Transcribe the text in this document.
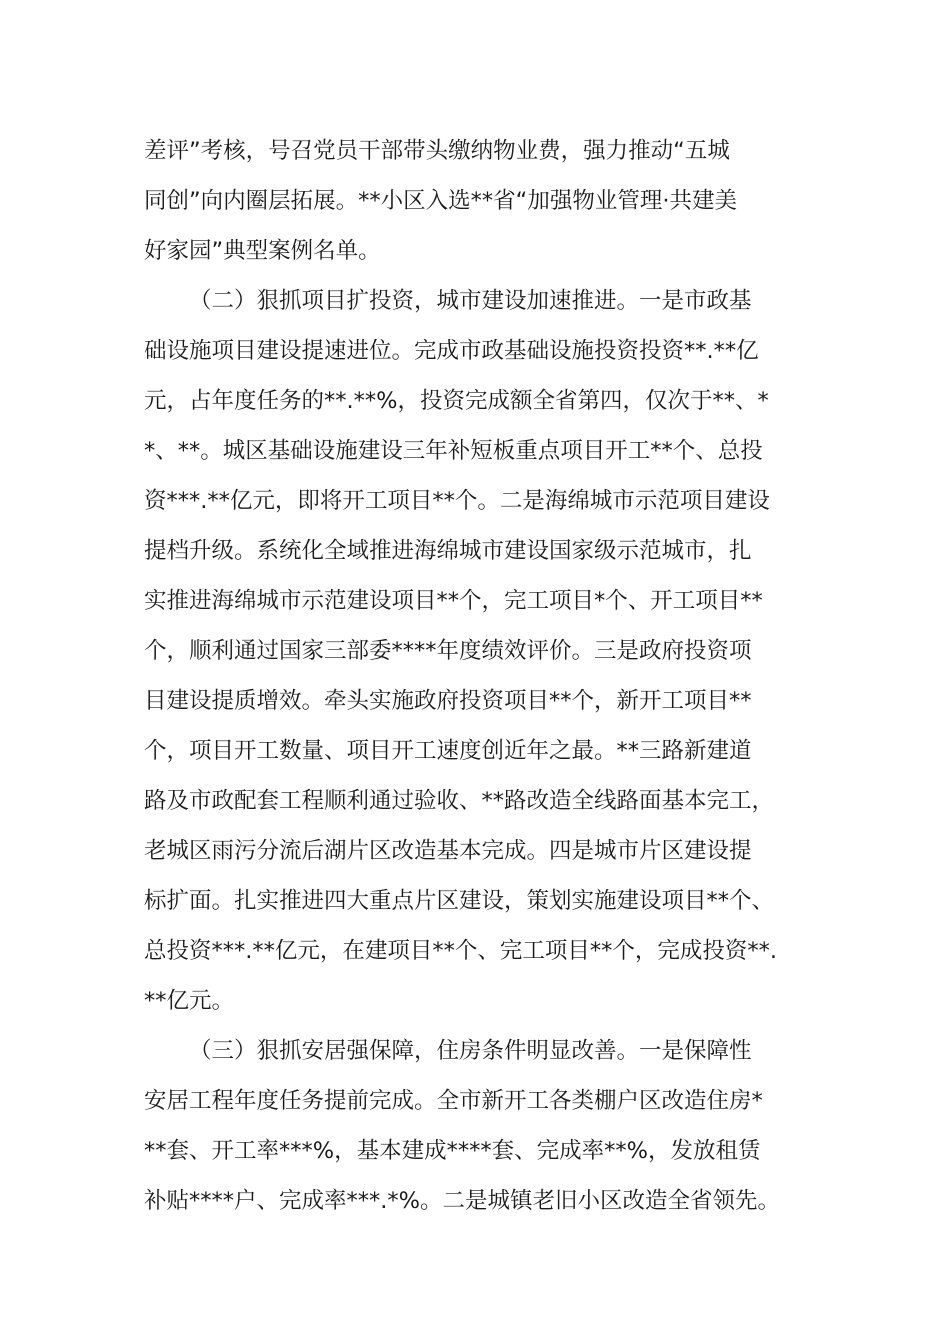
差评”考核，号召党员干部带头缴纳物业费，强力推动“五城
同创”向内圈层拓展。**小区入选**省“加强物业管理·共建美
好家园”典型案例名单。
（二）狠抓项目扩投资，城市建设加速推进。一是市政基
础设施项目建设提速进位。完成市政基础设施投资投资**.**亿
元，占年度任务的**.**%，投资完成额全省第四，仅次于**、*
*、**。城区基础设施建设三年补短板重点项目开工**个、总投
资***.**亿元，即将开工项目**个。二是海绵城市示范项目建设
提档升级。系统化全域推进海绵城市建设国家级示范城市，扎
实推进海绵城市示范建设项目**个，完工项目*个、开工项目**
个，顺利通过国家三部委****年度绩效评价。三是政府投资项
目建设提质增效。牵头实施政府投资项目**个，新开工项目**
个，项目开工数量、项目开工速度创近年之最。**三路新建道
路及市政配套工程顺利通过验收、**路改造全线路面基本完工，
老城区雨污分流后湖片区改造基本完成。四是城市片区建设提
标扩面。扎实推进四大重点片区建设，策划实施建设项目**个、
总投资***.**亿元，在建项目**个、完工项目**个，完成投资**.
**亿元。
（三）狠抓安居强保障，住房条件明显改善。一是保障性
安居工程年度任务提前完成。全市新开工各类棚户区改造住房*
**套、开工率***%，基本建成****套、完成率**%，发放租赁
补贴****户、完成率***.*%。二是城镇老旧小区改造全省领先。
